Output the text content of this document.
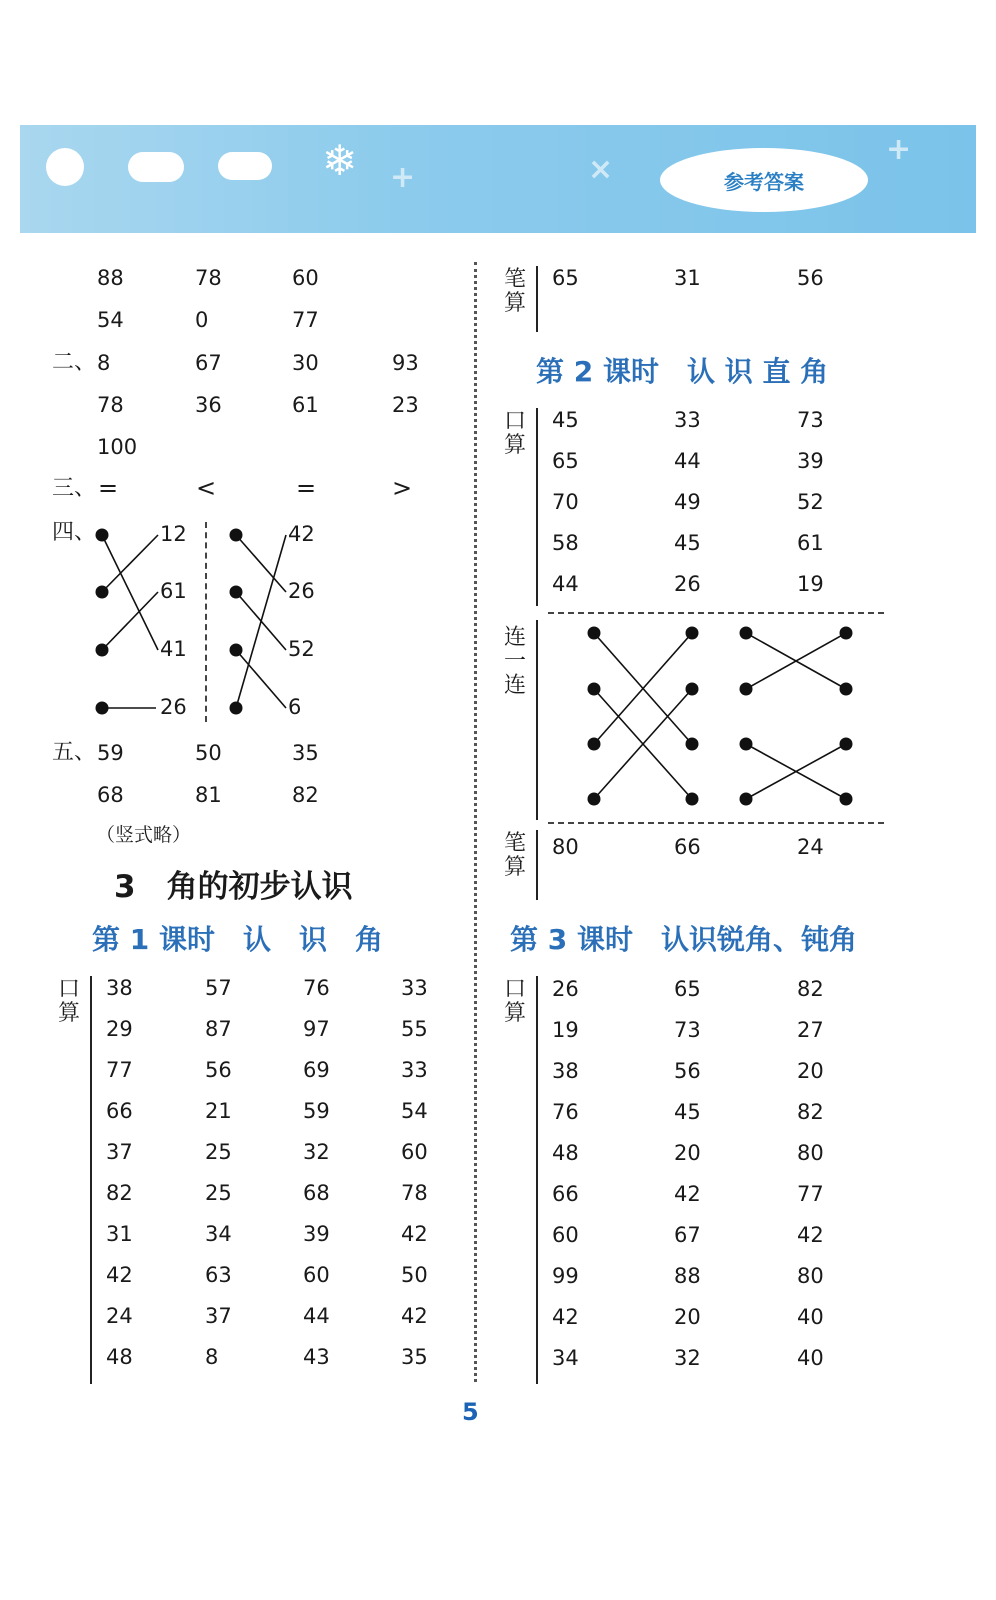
❄ +	×
+
参考答案
5
88	78	60
54	0	77
二、 8	67	30	93
78	36	61	23
100
三、 =	<	=	>
四、	12
61
41
26
42
26
52
6
五、 59	50	35
68	81	82
（竖式略）
3　角的初步认识
第 1 课时　认　识　角
口
算
38	57	76	33
29	87	97	55
77	56	69	33
66	21	59	54
37	25	32	60
82	25	68	78
31	34	39	42
42	63	60	50
24	37	44	42
48	8	43	35
笔
算
65	31	56
第 2 课时　认 识 直 角
口
算
45	33	73
65	44	39
70	49	52
58	45	61
44	26	19
连
一
连
笔
算
80	66	24
第 3 课时　认识锐角、钝角
口
算
26	65	82
19	73	27
38	56	20
76	45	82
48	20	80
66	42	77
60	67	42
99	88	80
42	20	40
34	32	40
